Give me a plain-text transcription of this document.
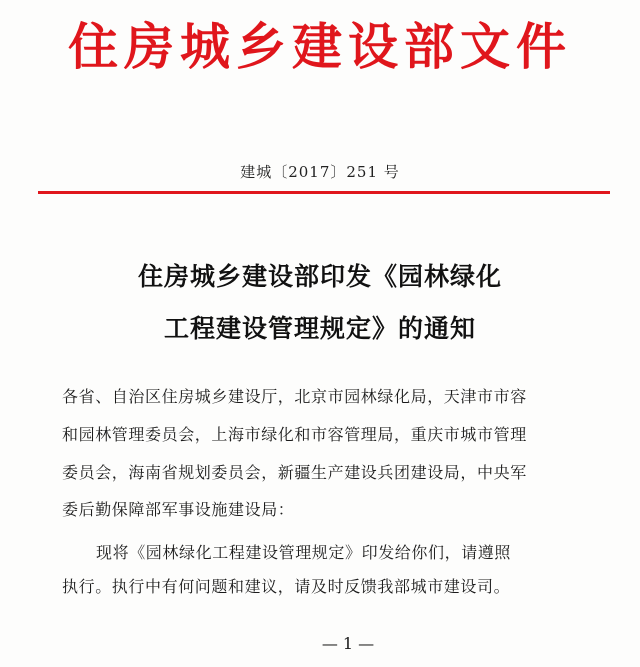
住房城乡建设部文件
建城〔2017〕251 号
住房城乡建设部印发《园林绿化
工程建设管理规定》的通知
各省、自治区住房城乡建设厅，北京市园林绿化局，天津市市容
和园林管理委员会，上海市绿化和市容管理局，重庆市城市管理
委员会，海南省规划委员会，新疆生产建设兵团建设局，中央军
委后勤保障部军事设施建设局：
现将《园林绿化工程建设管理规定》印发给你们，请遵照
执行。执行中有何问题和建议，请及时反馈我部城市建设司。
— 1 —
